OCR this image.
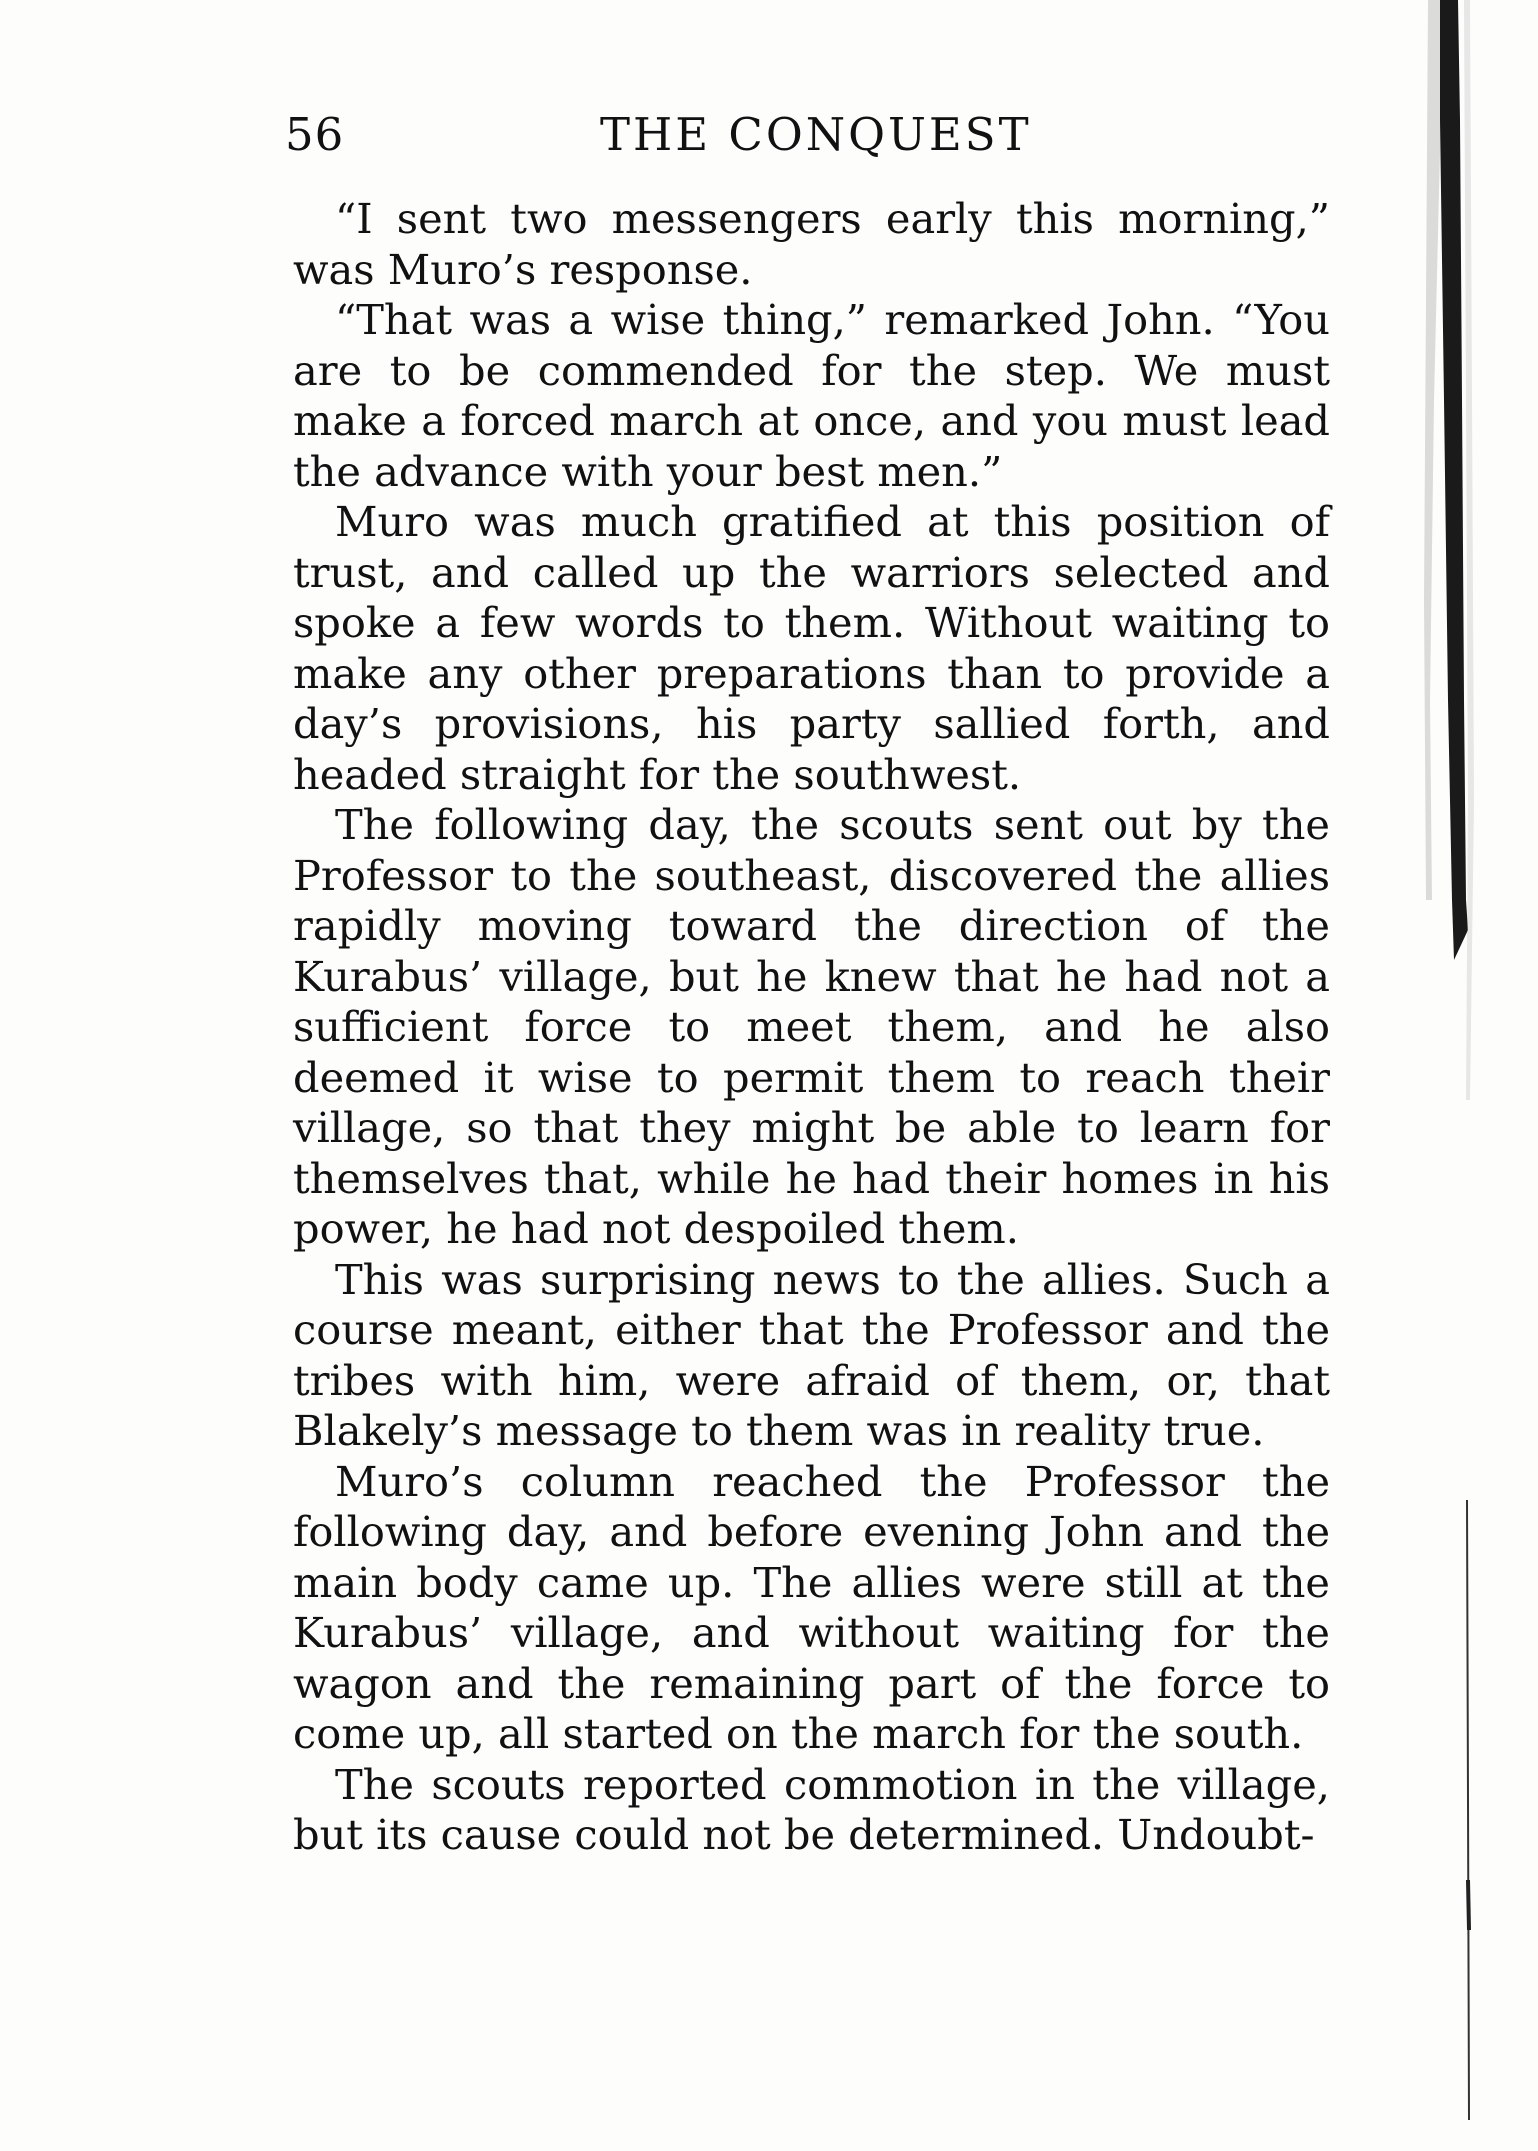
56	THE CONQUEST

“I sent two messengers early this morning,” was Muro’s response.

“That was a wise thing,” remarked John. “You are to be commended for the step. We must make a forced march at once, and you must lead the advance with your best men.”

Muro was much gratified at this position of trust, and called up the warriors selected and spoke a few words to them. Without waiting to make any other preparations than to provide a day’s provisions, his party sallied forth, and headed straight for the southwest.

The following day, the scouts sent out by the Professor to the southeast, discovered the allies rapidly moving toward the direction of the Kurabus’ village, but he knew that he had not a sufficient force to meet them, and he also deemed it wise to permit them to reach their village, so that they might be able to learn for themselves that, while he had their homes in his power, he had not despoiled them.

This was surprising news to the allies. Such a course meant, either that the Professor and the tribes with him, were afraid of them, or, that Blakely’s message to them was in reality true.

Muro’s column reached the Professor the following day, and before evening John and the main body came up. The allies were still at the Kurabus’ village, and without waiting for the wagon and the remaining part of the force to come up, all started on the march for the south.

The scouts reported commotion in the village, but its cause could not be determined. Undoubt-
